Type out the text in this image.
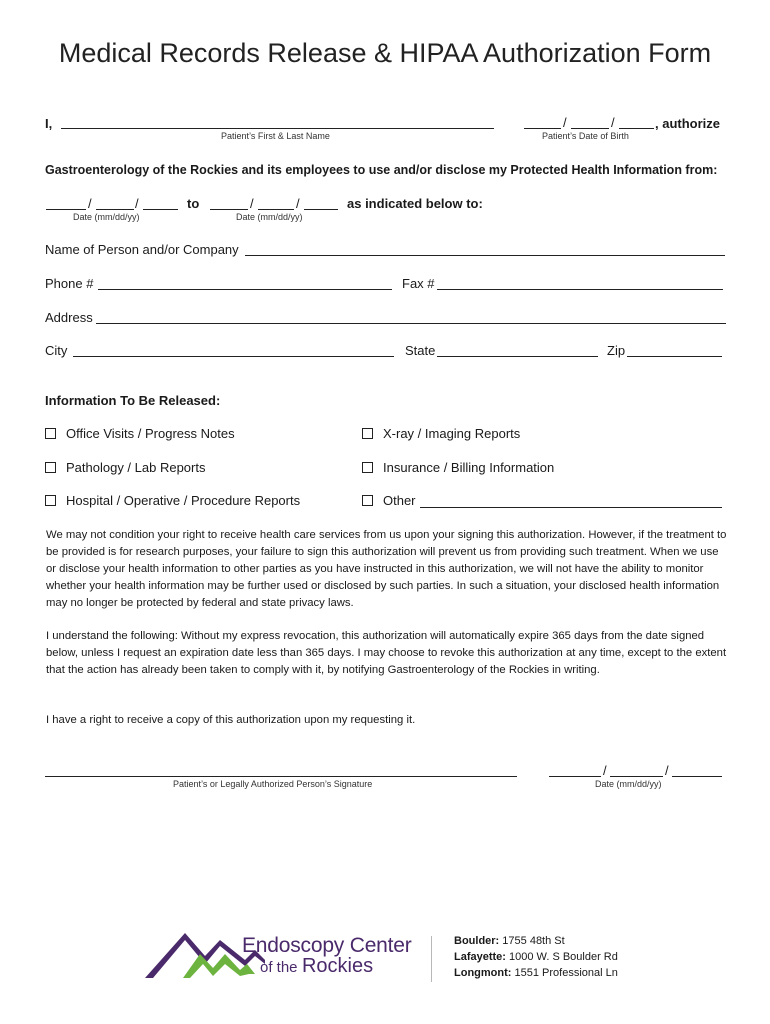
Medical Records Release & HIPAA Authorization Form
I,
Patient’s First & Last Name
/	/	, authorize
Patient’s Date of Birth
Gastroenterology of the Rockies and its employees to use and/or disclose my Protected Health Information from:
/	/	to	/	/	as indicated below to:
Date (mm/dd/yy)	Date (mm/dd/yy)
Name of Person and/or Company
Phone #	Fax #
Address
City	State	Zip
Information To Be Released:
Office Visits / Progress Notes	X-ray / Imaging Reports
Pathology / Lab Reports	Insurance / Billing Information
Hospital / Operative / Procedure Reports	Other

We may not condition your right to receive health care services from us upon your signing this authorization. However, if the treatment to be provided is for research purposes, your failure to sign this authorization will prevent us from providing such treatment. When we use or disclose your health information to other parties as you have instructed in this authorization, we will not have the ability to monitor whether your health information may be further used or disclosed by such parties. In such a situation, your disclosed health information may no longer be protected by federal and state privacy laws.

I understand the following: Without my express revocation, this authorization will automatically expire 365 days from the date signed below, unless I request an expiration date less than 365 days. I may choose to revoke this authorization at any time, except to the extent that the action has already been taken to comply with it, by notifying Gastroenterology of the Rockies in writing.

I have a right to receive a copy of this authorization upon my requesting it.

Patient’s or Legally Authorized Person’s Signature
/	/
Date (mm/dd/yy)
Endoscopy Center
of the Rockies
Boulder: 1755 48th St
Lafayette: 1000 W. S Boulder Rd
Longmont: 1551 Professional Ln
